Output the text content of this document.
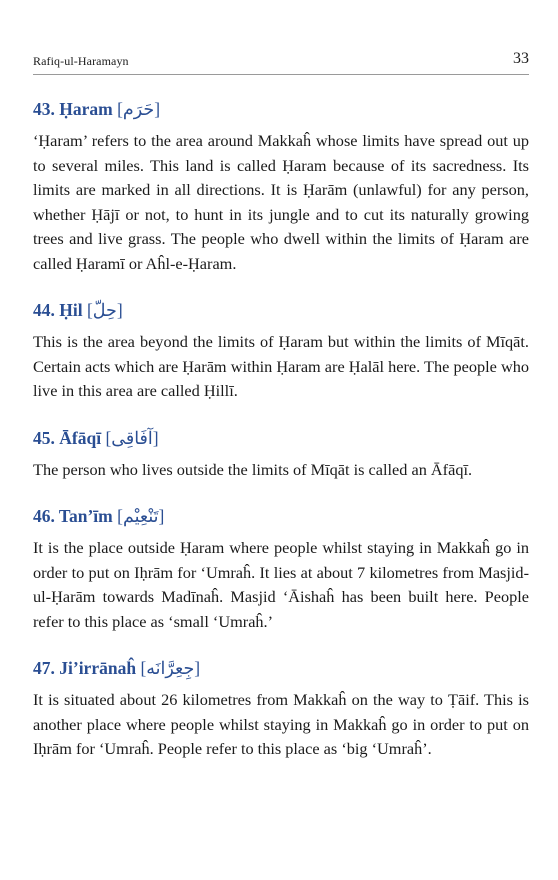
Rafiq-ul-Haramayn	33
43. Ḥaram [حَرَم]

‘Ḥaram’ refers to the area around Makkaĥ whose limits have spread out up to several miles. This land is called Ḥaram because of its sacredness. Its limits are marked in all directions. It is Ḥarām (unlawful) for any person, whether Ḥājī or not, to hunt in its jungle and to cut its naturally growing trees and live grass. The people who dwell within the limits of Ḥaram are called Ḥaramī or Aĥl-e-Ḥaram.

44. Ḥil [حِلّ]

This is the area beyond the limits of Ḥaram but within the limits of Mīqāt. Certain acts which are Ḥarām within Ḥaram are Ḥalāl here. The people who live in this area are called Ḥillī.

45. Āfāqī [آفَاقِی]

The person who lives outside the limits of Mīqāt is called an Āfāqī.

46. Tan’īm [تَنْعِيْم]

It is the place outside Ḥaram where people whilst staying in Makkaĥ go in order to put on Iḥrām for ‘Umraĥ. It lies at about 7 kilometres from Masjid-ul-Ḥarām towards Madīnaĥ. Masjid ‘Āishaĥ has been built here. People refer to this place as ‘small ‘Umraĥ.’

47. Ji’irrānaĥ [جِعِرَّانَه]

It is situated about 26 kilometres from Makkaĥ on the way to Ṭāif. This is another place where people whilst staying in Makkaĥ go in order to put on Iḥrām for ‘Umraĥ. People refer to this place as ‘big ‘Umraĥ’.
